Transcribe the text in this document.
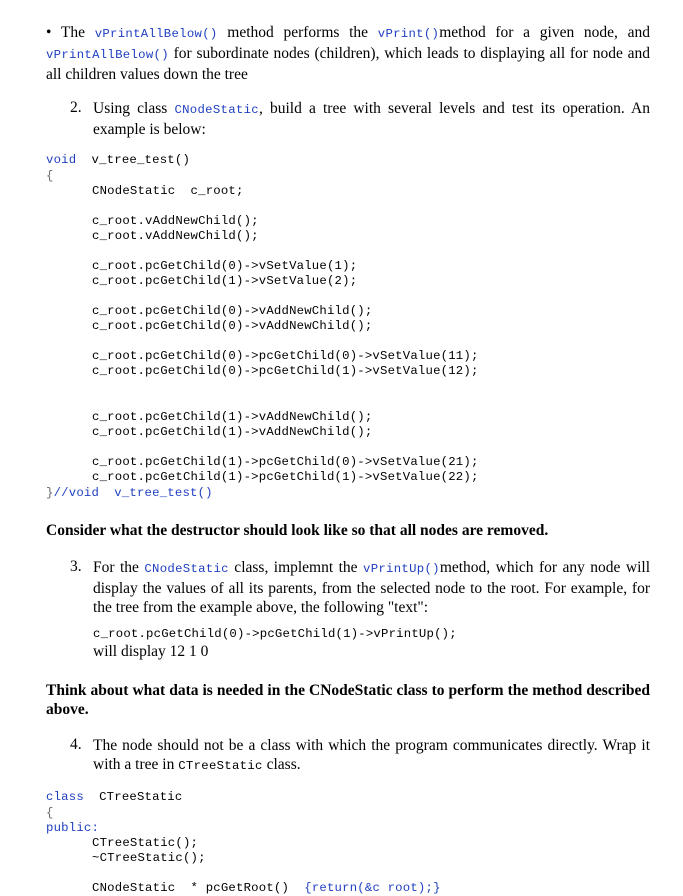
• The vPrintAllBelow() method performs the vPrint()method for a given node, and vPrintAllBelow() for subordinate nodes (children), which leads to displaying all for node and all children values down the tree
2. Using class CNodeStatic, build a tree with several levels and test its operation. An example is below:
void v_tree_test()
{
CNodeStatic  c_root;
c_root.vAddNewChild();
c_root.vAddNewChild();
c_root.pcGetChild(0)->vSetValue(1);
c_root.pcGetChild(1)->vSetValue(2);
c_root.pcGetChild(0)->vAddNewChild();
c_root.pcGetChild(0)->vAddNewChild();
c_root.pcGetChild(0)->pcGetChild(0)->vSetValue(11);
c_root.pcGetChild(0)->pcGetChild(1)->vSetValue(12);
c_root.pcGetChild(1)->vAddNewChild();
c_root.pcGetChild(1)->vAddNewChild();
c_root.pcGetChild(1)->pcGetChild(0)->vSetValue(21);
c_root.pcGetChild(1)->pcGetChild(1)->vSetValue(22);
}//void  v_tree_test()
Consider what the destructor should look like so that all nodes are removed.
3. For the CNodeStatic class, implemnt the vPrintUp()method, which for any node will display the values of all its parents, from the selected node to the root. For example, for the tree from the example above, the following "text":
c_root.pcGetChild(0)->pcGetChild(1)->vPrintUp();
will display 12 1 0
Think about what data is needed in the CNodeStatic class to perform the method described above.
4. The node should not be a class with which the program communicates directly. Wrap it with a tree in CTreeStatic class.
class CTreeStatic
{
public:
CTreeStatic();
~CTreeStatic();
CNodeStatic  * pcGetRoot()  {return(&c root);}
